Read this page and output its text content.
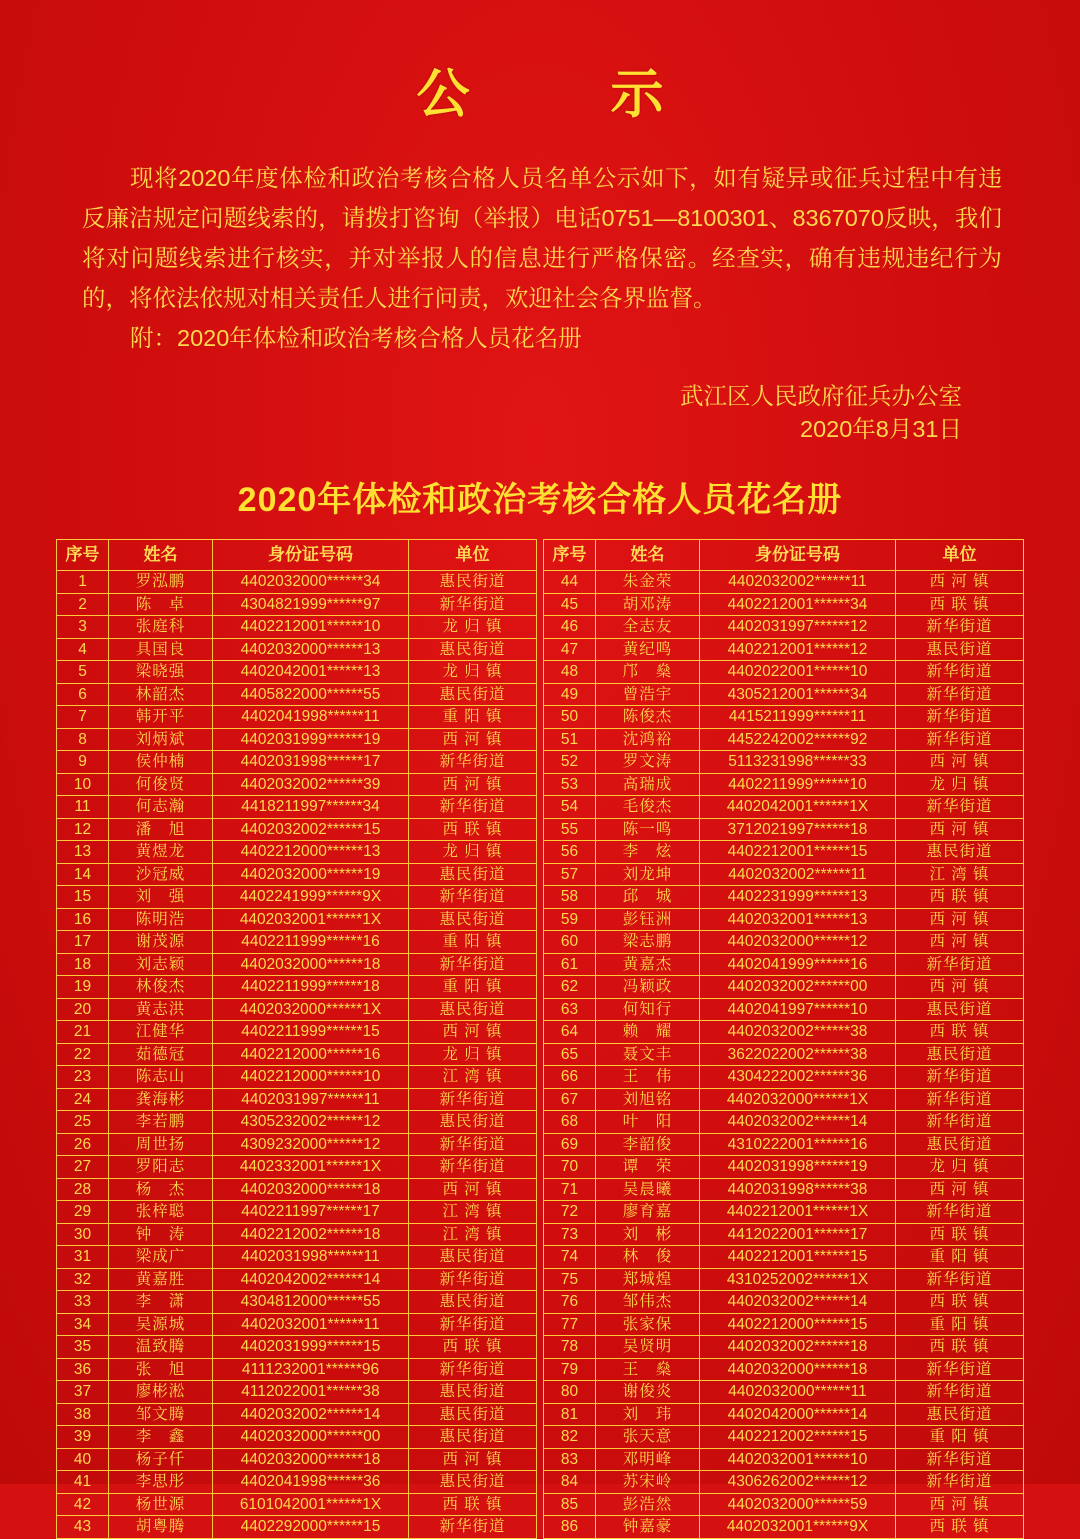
公　示

现将2020年度体检和政治考核合格人员名单公示如下，如有疑异或征兵过程中有违反廉洁规定问题线索的，请拨打咨询（举报）电话0751—8100301、8367070反映，我们将对问题线索进行核实，并对举报人的信息进行严格保密。经查实，确有违规违纪行为的，将依法依规对相关责任人进行问责，欢迎社会各界监督。

附：2020年体检和政治考核合格人员花名册

武江区人民政府征兵办公室
2020年8月31日
2020年体检和政治考核合格人员花名册
序号	姓名	身份证号码	单位
1	罗泓鹏	4402032000******34	惠民街道
2	陈　卓	4304821999******97	新华街道
3	张庭科	4402212001******10	龙 归 镇
4	具国良	4402032000******13	惠民街道
5	梁晓强	4402042001******13	龙 归 镇
6	林韶杰	4405822000******55	惠民街道
7	韩开平	4402041998******11	重 阳 镇
8	刘炳斌	4402031999******19	西 河 镇
9	侯仲楠	4402031998******17	新华街道
10	何俊贤	4402032002******39	西 河 镇
11	何志瀚	4418211997******34	新华街道
12	潘　旭	4402032002******15	西 联 镇
13	黄煜龙	4402212000******13	龙 归 镇
14	沙冠威	4402032000******19	惠民街道
15	刘　强	4402241999******9X	新华街道
16	陈明浩	4402032001******1X	惠民街道
17	谢茂源	4402211999******16	重 阳 镇
18	刘志颖	4402032000******18	新华街道
19	林俊杰	4402211999******18	重 阳 镇
20	黄志洪	4402032000******1X	惠民街道
21	江健华	4402211999******15	西 河 镇
22	茹德冠	4402212000******16	龙 归 镇
23	陈志山	4402212000******10	江 湾 镇
24	龚海彬	4402031997******11	新华街道
25	李若鹏	4305232002******12	惠民街道
26	周世扬	4309232000******12	新华街道
27	罗阳志	4402332001******1X	新华街道
28	杨　杰	4402032000******18	西 河 镇
29	张梓聪	4402211997******17	江 湾 镇
30	钟　涛	4402212002******18	江 湾 镇
31	梁成广	4402031998******11	惠民街道
32	黄嘉胜	4402042002******14	新华街道
33	李　潇	4304812000******55	惠民街道
34	吴源城	4402032001******11	新华街道
35	温致腾	4402031999******15	西 联 镇
36	张　旭	4111232001******96	新华街道
37	廖彬淞	4112022001******38	惠民街道
38	邹文腾	4402032002******14	惠民街道
39	李　鑫	4402032000******00	惠民街道
40	杨子仟	4402032000******18	西 河 镇
41	李思彤	4402041998******36	惠民街道
42	杨世源	6101042001******1X	西 联 镇
43	胡粤腾	4402292000******15	新华街道
序号	姓名	身份证号码	单位
44	朱金荣	4402032002******11	西 河 镇
45	胡邓涛	4402212001******34	西 联 镇
46	全志友	4402031997******12	新华街道
47	黄纪鸣	4402212001******12	惠民街道
48	邝　燊	4402022001******10	新华街道
49	曾浩宇	4305212001******34	新华街道
50	陈俊杰	4415211999******11	新华街道
51	沈鸿裕	4452242002******92	新华街道
52	罗文涛	5113231998******33	西 河 镇
53	高瑞成	4402211999******10	龙 归 镇
54	毛俊杰	4402042001******1X	新华街道
55	陈一鸣	3712021997******18	西 河 镇
56	李　炫	4402212001******15	惠民街道
57	刘龙坤	4402032002******11	江 湾 镇
58	邱　城	4402231999******13	西 联 镇
59	彭钰洲	4402032001******13	西 河 镇
60	梁志鹏	4402032000******12	西 河 镇
61	黄嘉杰	4402041999******16	新华街道
62	冯颖政	4402032002******00	西 河 镇
63	何知行	4402041997******10	惠民街道
64	赖　耀	4402032002******38	西 联 镇
65	聂文丰	3622022002******38	惠民街道
66	王　伟	4304222002******36	新华街道
67	刘旭铭	4402032000******1X	新华街道
68	叶　阳	4402032002******14	新华街道
69	李韶俊	4310222001******16	惠民街道
70	谭　荣	4402031998******19	龙 归 镇
71	吴晨曦	4402031998******38	西 河 镇
72	廖育嘉	4402212001******1X	新华街道
73	刘　彬	4412022001******17	西 联 镇
74	林　俊	4402212001******15	重 阳 镇
75	郑城煌	4310252002******1X	新华街道
76	邹伟杰	4402032002******14	西 联 镇
77	张家保	4402212000******15	重 阳 镇
78	吴贤明	4402032002******18	西 联 镇
79	王　燊	4402032000******18	新华街道
80	谢俊炎	4402032000******11	新华街道
81	刘　玮	4402042000******14	惠民街道
82	张天意	4402212002******15	重 阳 镇
83	邓明峰	4402032001******10	新华街道
84	苏宋岭	4306262002******12	新华街道
85	彭浩然	4402032000******59	西 河 镇
86	钟嘉豪	4402032001******9X	西 联 镇
